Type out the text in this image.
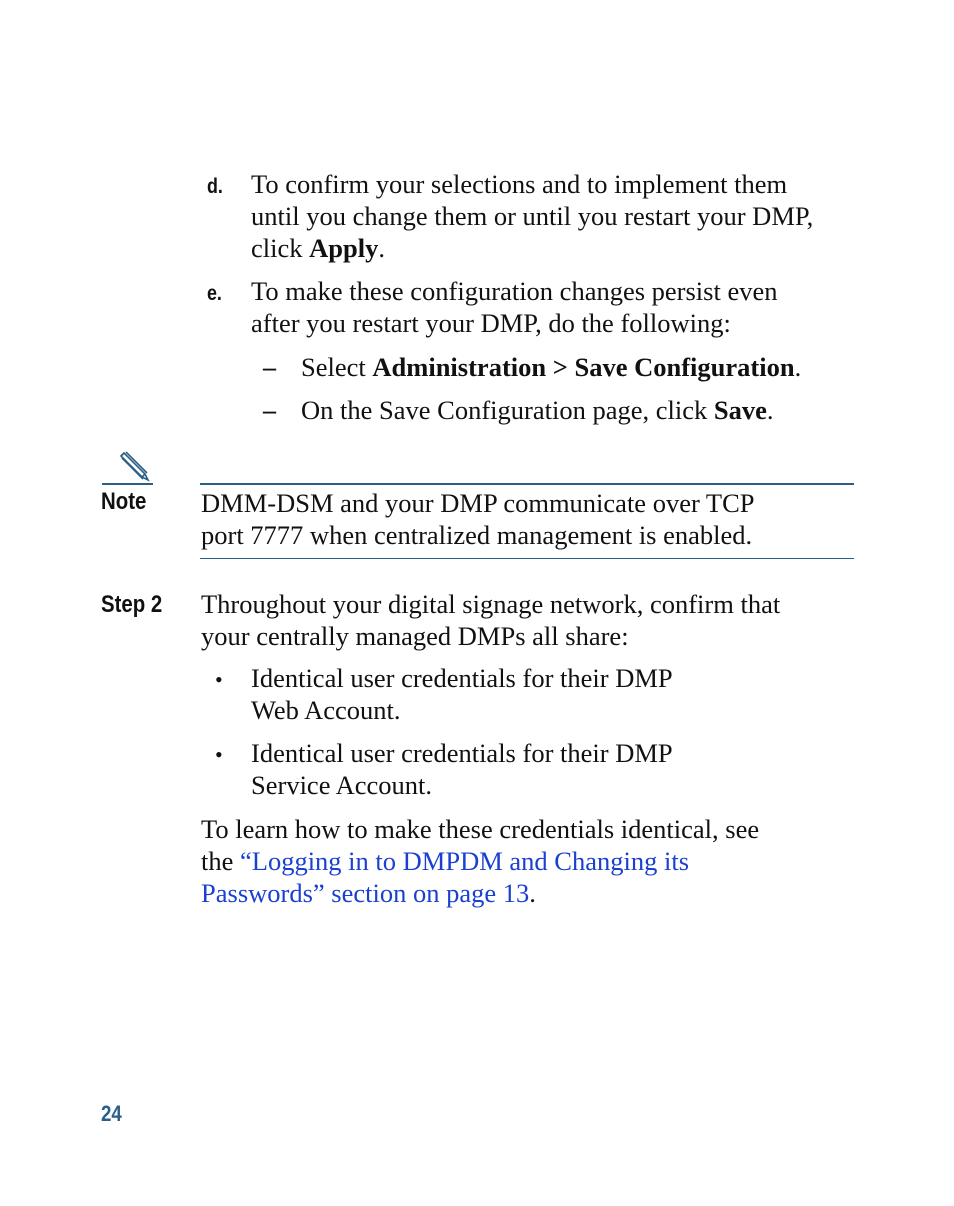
d. To confirm your selections and to implement them
until you change them or until you restart your DMP,
click Apply.
e. To make these configuration changes persist even
after you restart your DMP, do the following:
– Select Administration > Save Configuration.
– On the Save Configuration page, click Save.
Note DMM-DSM and your DMP communicate over TCP
port 7777 when centralized management is enabled.
Step 2 Throughout your digital signage network, confirm that
your centrally managed DMPs all share:
• Identical user credentials for their DMP
Web Account.
• Identical user credentials for their DMP
Service Account.
To learn how to make these credentials identical, see
the “Logging in to DMPDM and Changing its
Passwords” section on page 13.
24
